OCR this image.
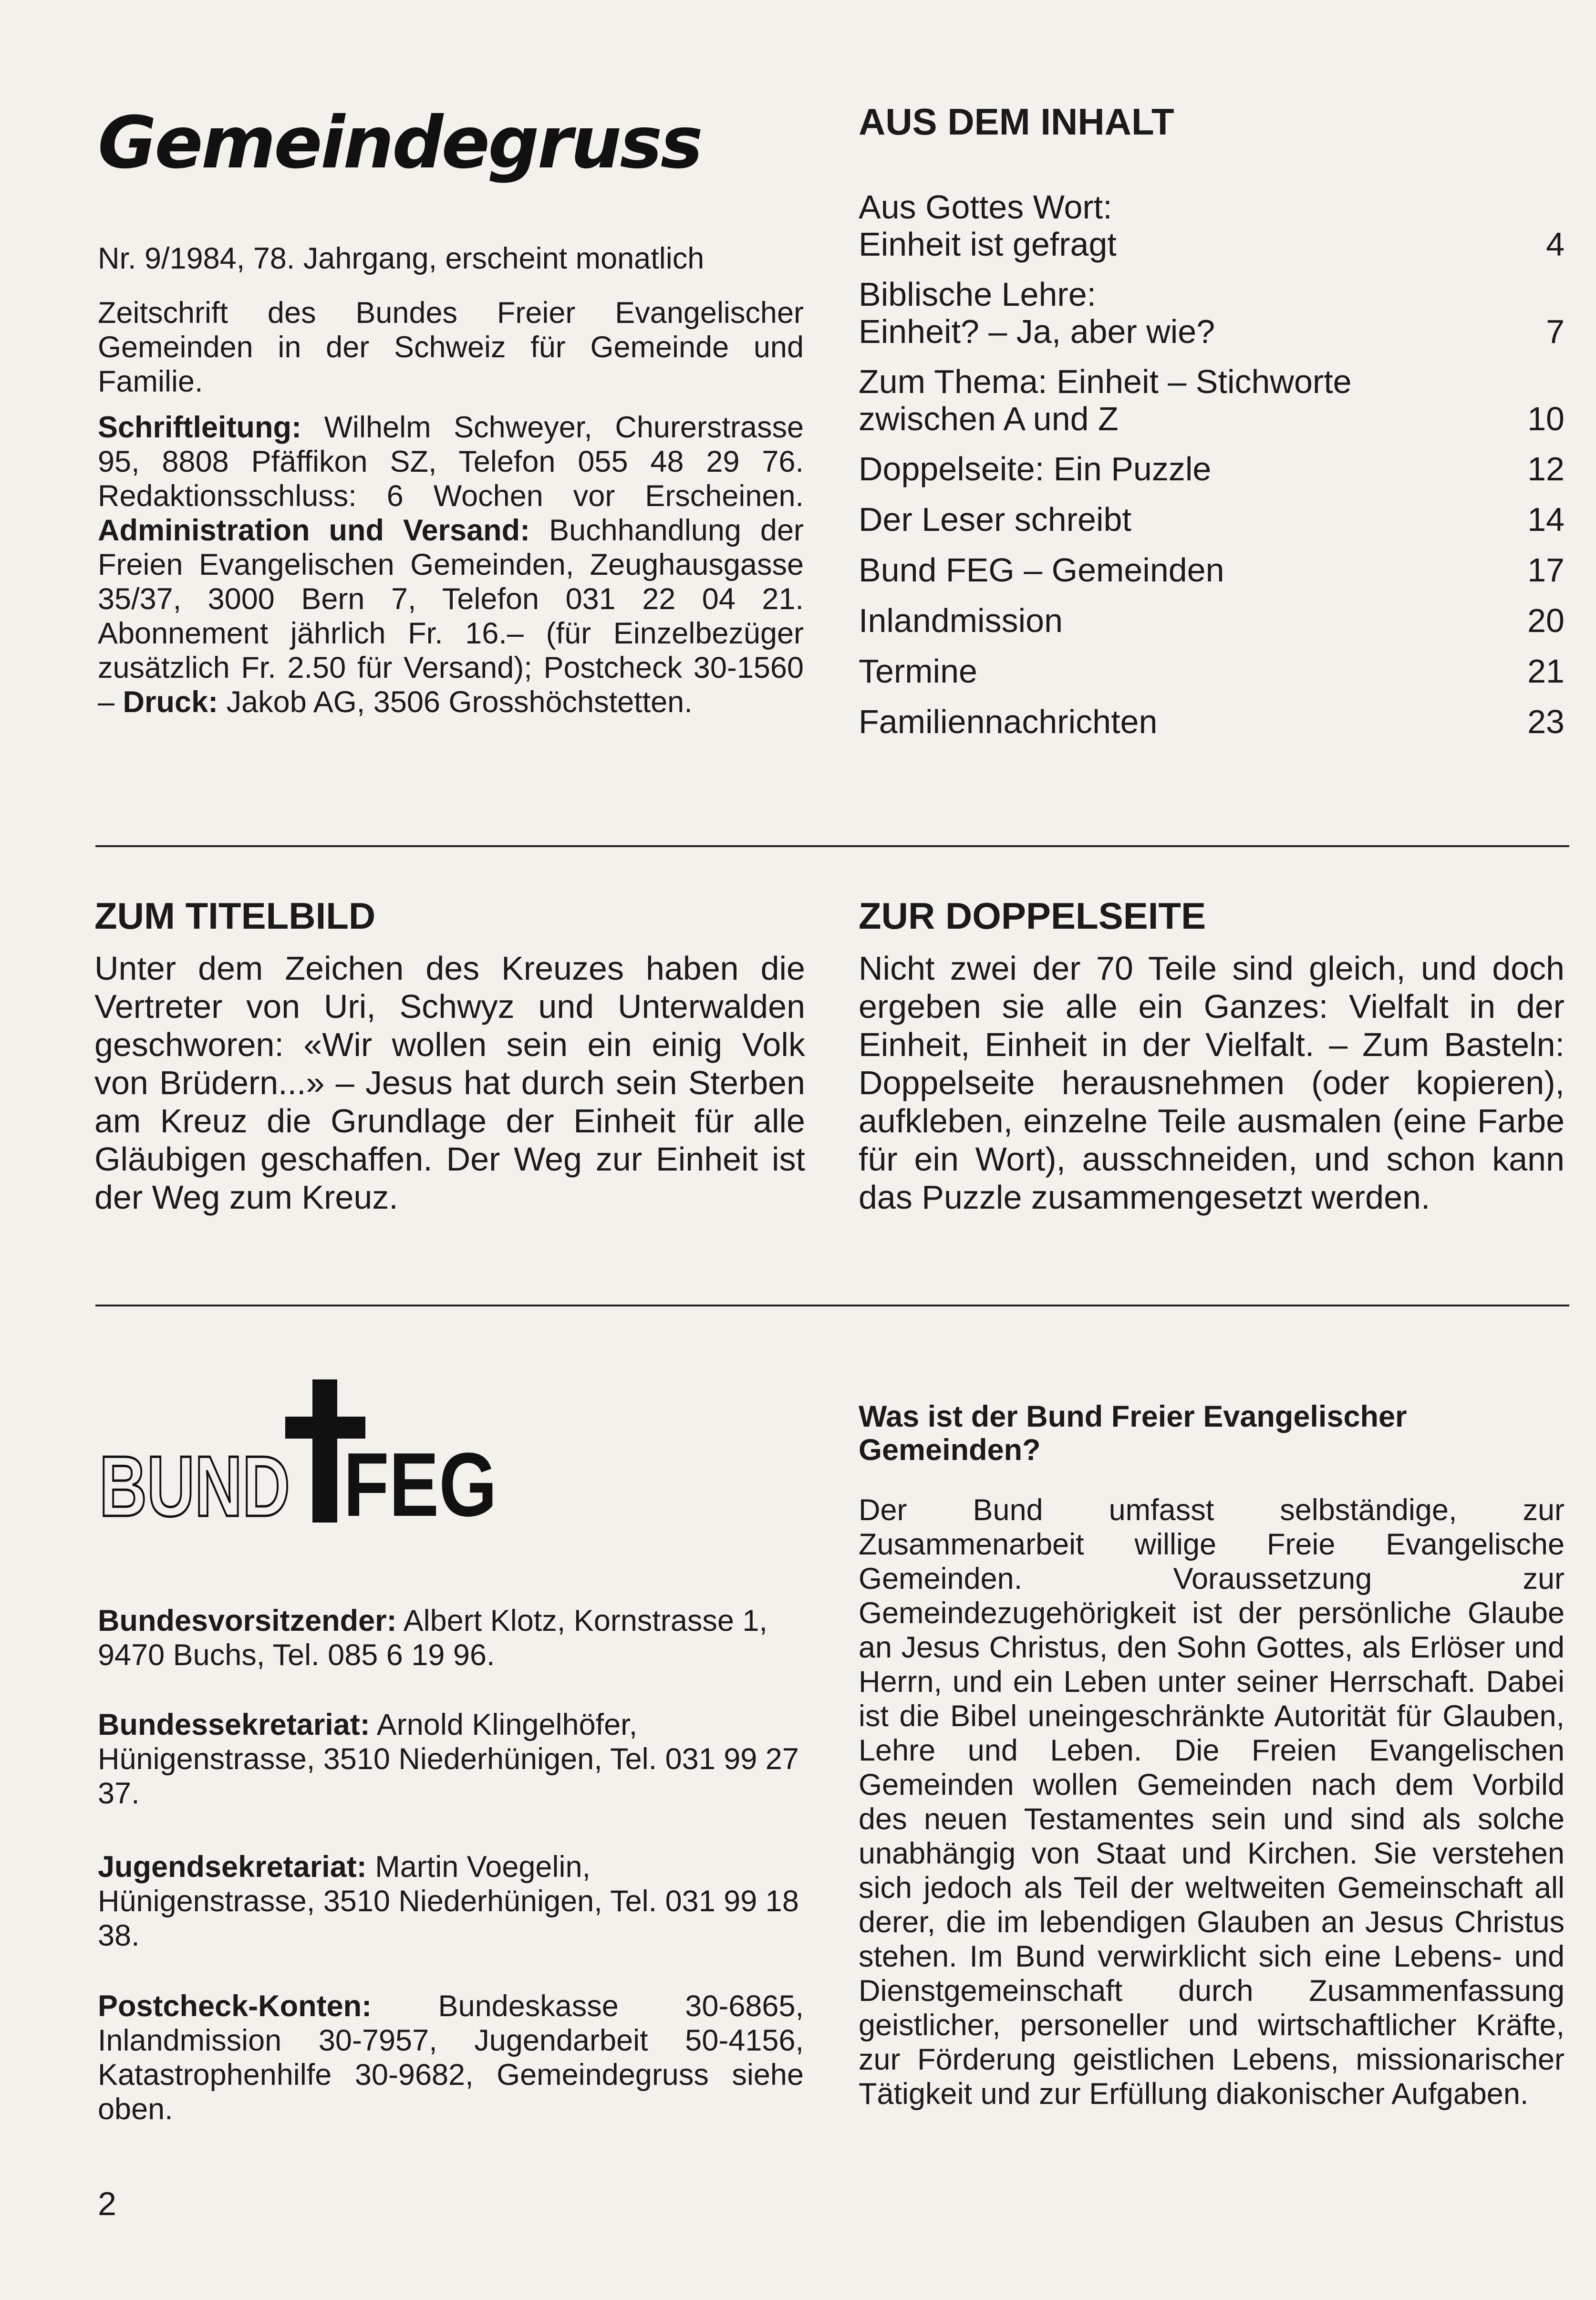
Gemeindegruss
Nr. 9/1984, 78. Jahrgang, erscheint monatlich
Zeitschrift des Bundes Freier Evangelischer Gemeinden in der Schweiz für Gemeinde und Familie.
Schriftleitung: Wilhelm Schweyer, Churerstrasse 95, 8808 Pfäffikon SZ, Telefon 055 48 29 76. Redaktionsschluss: 6 Wochen vor Erscheinen. Administration und Versand: Buchhandlung der Freien Evangelischen Gemeinden, Zeughausgasse 35/37, 3000 Bern 7, Telefon 031 22 04 21. Abonnement jährlich Fr. 16.– (für Einzelbezüger zusätzlich Fr. 2.50 für Versand); Postcheck 30-1560 – Druck: Jakob AG, 3506 Grosshöchstetten.
AUS DEM INHALT
Aus Gottes Wort:
Einheit ist gefragt	4
Biblische Lehre:
Einheit? – Ja, aber wie?	7
Zum Thema: Einheit – Stichworte
zwischen A und Z	10
Doppelseite: Ein Puzzle	12
Der Leser schreibt	14
Bund FEG – Gemeinden	17
Inlandmission	20
Termine	21
Familiennachrichten	23
ZUM TITELBILD

Unter dem Zeichen des Kreuzes haben die Vertreter von Uri, Schwyz und Unterwalden geschworen: «Wir wollen sein ein einig Volk von Brüdern...» – Jesus hat durch sein Sterben am Kreuz die Grundlage der Einheit für alle Gläubigen geschaffen. Der Weg zur Einheit ist der Weg zum Kreuz.

ZUR DOPPELSEITE

Nicht zwei der 70 Teile sind gleich, und doch ergeben sie alle ein Ganzes: Vielfalt in der Einheit, Einheit in der Vielfalt. – Zum Basteln: Doppelseite herausnehmen (oder kopieren), aufkleben, einzelne Teile ausmalen (eine Farbe für ein Wort), ausschneiden, und schon kann das Puzzle zusammengesetzt werden.

BUND FEG

Bundesvorsitzender: Albert Klotz, Kornstrasse 1, 9470 Buchs, Tel. 085 6 19 96.

Bundessekretariat: Arnold Klingelhöfer, Hünigenstrasse, 3510 Niederhünigen, Tel. 031 99 27 37.

Jugendsekretariat: Martin Voegelin, Hünigenstrasse, 3510 Niederhünigen, Tel. 031 99 18 38.

Postcheck-Konten: Bundeskasse 30-6865, Inlandmission 30-7957, Jugendarbeit 50-4156, Katastrophenhilfe 30-9682, Gemeindegruss siehe oben.

Was ist der Bund Freier Evangelischer Gemeinden?

Der Bund umfasst selbständige, zur Zusammenarbeit willige Freie Evangelische Gemeinden. Voraussetzung zur Gemeindezugehörigkeit ist der persönliche Glaube an Jesus Christus, den Sohn Gottes, als Erlöser und Herrn, und ein Leben unter seiner Herrschaft. Dabei ist die Bibel uneingeschränkte Autorität für Glauben, Lehre und Leben. Die Freien Evangelischen Gemeinden wollen Gemeinden nach dem Vorbild des neuen Testamentes sein und sind als solche unabhängig von Staat und Kirchen. Sie verstehen sich jedoch als Teil der weltweiten Gemeinschaft all derer, die im lebendigen Glauben an Jesus Christus stehen. Im Bund verwirklicht sich eine Lebens- und Dienstgemeinschaft durch Zusammenfassung geistlicher, personeller und wirtschaftlicher Kräfte, zur Förderung geistlichen Lebens, missionarischer Tätigkeit und zur Erfüllung diakonischer Aufgaben.

2
